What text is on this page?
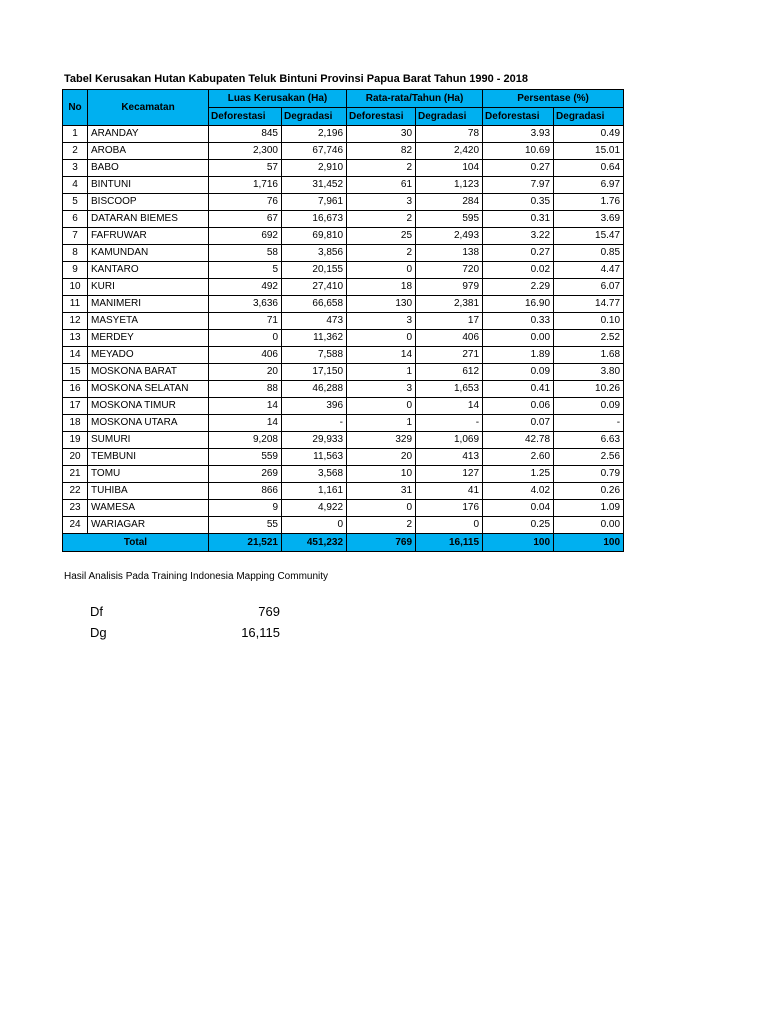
Tabel Kerusakan Hutan Kabupaten Teluk Bintuni Provinsi Papua Barat Tahun 1990 - 2018
No	Kecamatan	Luas Kerusakan (Ha)		Rata-rata/Tahun (Ha)		Persentase (%)	
		Deforestasi	Degradasi	Deforestasi	Degradasi	Deforestasi	Degradasi
1	ARANDAY	845	2,196	30	78	3.93	0.49
2	AROBA	2,300	67,746	82	2,420	10.69	15.01
3	BABO	57	2,910	2	104	0.27	0.64
4	BINTUNI	1,716	31,452	61	1,123	7.97	6.97
5	BISCOOP	76	7,961	3	284	0.35	1.76
6	DATARAN BIEMES	67	16,673	2	595	0.31	3.69
7	FAFRUWAR	692	69,810	25	2,493	3.22	15.47
8	KAMUNDAN	58	3,856	2	138	0.27	0.85
9	KANTARO	5	20,155	0	720	0.02	4.47
10	KURI	492	27,410	18	979	2.29	6.07
11	MANIMERI	3,636	66,658	130	2,381	16.90	14.77
12	MASYETA	71	473	3	17	0.33	0.10
13	MERDEY	0	11,362	0	406	0.00	2.52
14	MEYADO	406	7,588	14	271	1.89	1.68
15	MOSKONA BARAT	20	17,150	1	612	0.09	3.80
16	MOSKONA SELATAN	88	46,288	3	1,653	0.41	10.26
17	MOSKONA TIMUR	14	396	0	14	0.06	0.09
18	MOSKONA UTARA	14	-	1	-	0.07	-
19	SUMURI	9,208	29,933	329	1,069	42.78	6.63
20	TEMBUNI	559	11,563	20	413	2.60	2.56
21	TOMU	269	3,568	10	127	1.25	0.79
22	TUHIBA	866	1,161	31	41	4.02	0.26
23	WAMESA	9	4,922	0	176	0.04	1.09
24	WARIAGAR	55	0	2	0	0.25	0.00
Total		21,521	451,232	769	16,115	100	100
Hasil Analisis Pada Training Indonesia Mapping Community
Df	769
Dg	16,115
